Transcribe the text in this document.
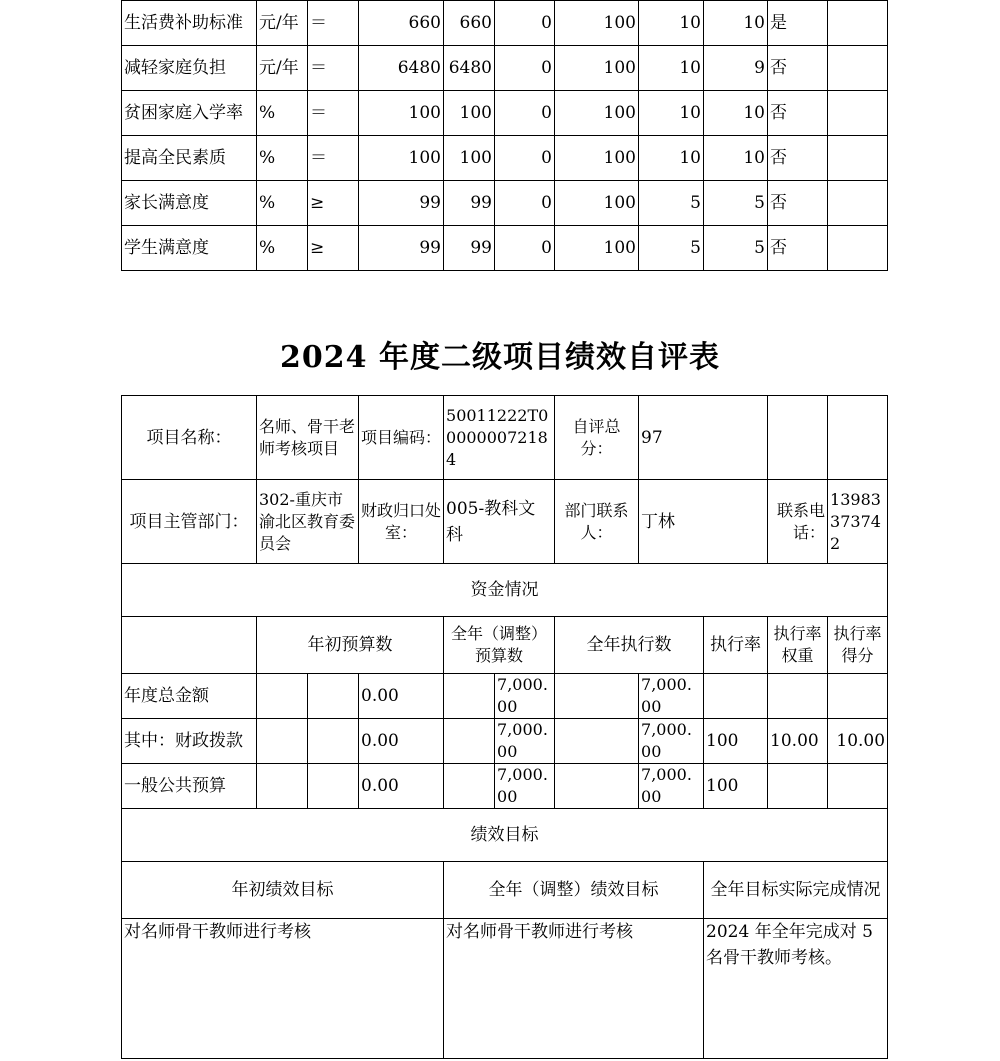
生活费补助标准	元/年	＝	660	660	0	100	10	10	是	
减轻家庭负担	元/年	＝	6480	6480	0	100	10	9	否	
贫困家庭入学率	%	＝	100	100	0	100	10	10	否	
提高全民素质	%	＝	100	100	0	100	10	10	否	
家长满意度	%	≥	99	99	0	100	5	5	否	
学生满意度	%	≥	99	99	0	100	5	5	否	
2024 年度二级项目绩效自评表
项目名称：	名师、骨干老师考核项目		项目编码：	50011222T000000072184		自评总分：	97			
项目主管部门：	302-重庆市渝北区教育委员会		财政归口处室：	005-教科文科		部门联系人：	丁林		联系电话：	13983373742
资金情况										
	年初预算数			全年（调整）预算数		全年执行数		执行率	执行率权重	执行率得分
年度总金额			0.00		7,000.00		7,000.00			
其中：财政拨款			0.00		7,000.00		7,000.00	100	10.00	10.00
一般公共预算			0.00		7,000.00		7,000.00	100		
绩效目标										
年初绩效目标				全年（调整）绩效目标				全年目标实际完成情况		
对名师骨干教师进行考核				对名师骨干教师进行考核				2024 年全年完成对 5 名骨干教师考核。		
